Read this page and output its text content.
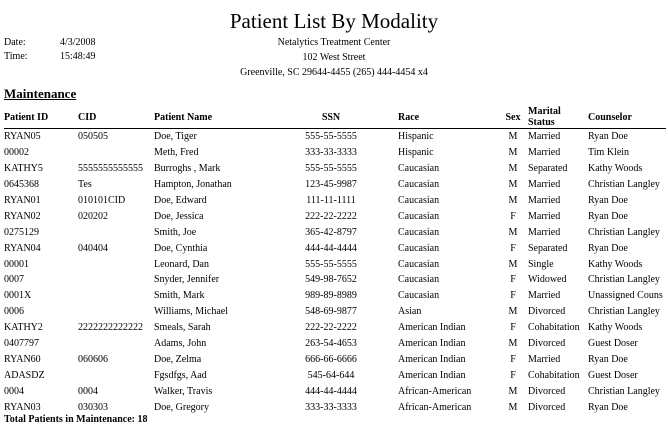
Patient List By Modality
Date:	4/3/2008
Time:	15:48:49
Netalytics Treatment Center
102 West Street
Greenville, SC 29644-4455 (265) 444-4454 x4
Maintenance
Patient ID	CID	Patient Name	SSN	Race	Sex	Marital Status	Counselor
RYAN05	050505	Doe, Tiger	555-55-5555	Hispanic	M	Married	Ryan Doe
00002		Meth, Fred	333-33-3333	Hispanic	M	Married	Tim Klein
KATHY5	5555555555555	Burroghs , Mark	555-55-5555	Caucasian	M	Separated	Kathy Woods
0645368	Tes	Hampton, Jonathan	123-45-9987	Caucasian	M	Married	Christian Langley
RYAN01	010101CID	Doe, Edward	111-11-1111	Caucasian	M	Married	Ryan Doe
RYAN02	020202	Doe, Jessica	222-22-2222	Caucasian	F	Married	Ryan Doe
0275129		Smith, Joe	365-42-8797	Caucasian	M	Married	Christian Langley
RYAN04	040404	Doe, Cynthia	444-44-4444	Caucasian	F	Separated	Ryan Doe
00001		Leonard, Dan	555-55-5555	Caucasian	M	Single	Kathy Woods
0007		Snyder, Jennifer	549-98-7652	Caucasian	F	Widowed	Christian Langley
0001X		Smith, Mark	989-89-8989	Caucasian	F	Married	Unassigned Couns
0006		Williams, Michael	548-69-9877	Asian	M	Divorced	Christian Langley
KATHY2	2222222222222	Smeals, Sarah	222-22-2222	American Indian	F	Cohabitation	Kathy Woods
0407797		Adams, John	263-54-4653	American Indian	M	Divorced	Guest Doser
RYAN60	060606	Doe, Zelma	666-66-6666	American Indian	F	Married	Ryan Doe
ADASDZ		Fgsdfgs, Aad	545-64-644	American Indian	F	Cohabitation	Guest Doser
0004	0004	Walker, Travis	444-44-4444	African-American	M	Divorced	Christian Langley
RYAN03	030303	Doe, Gregory	333-33-3333	African-American	M	Divorced	Ryan Doe
Total Patients in Maintenance: 18
